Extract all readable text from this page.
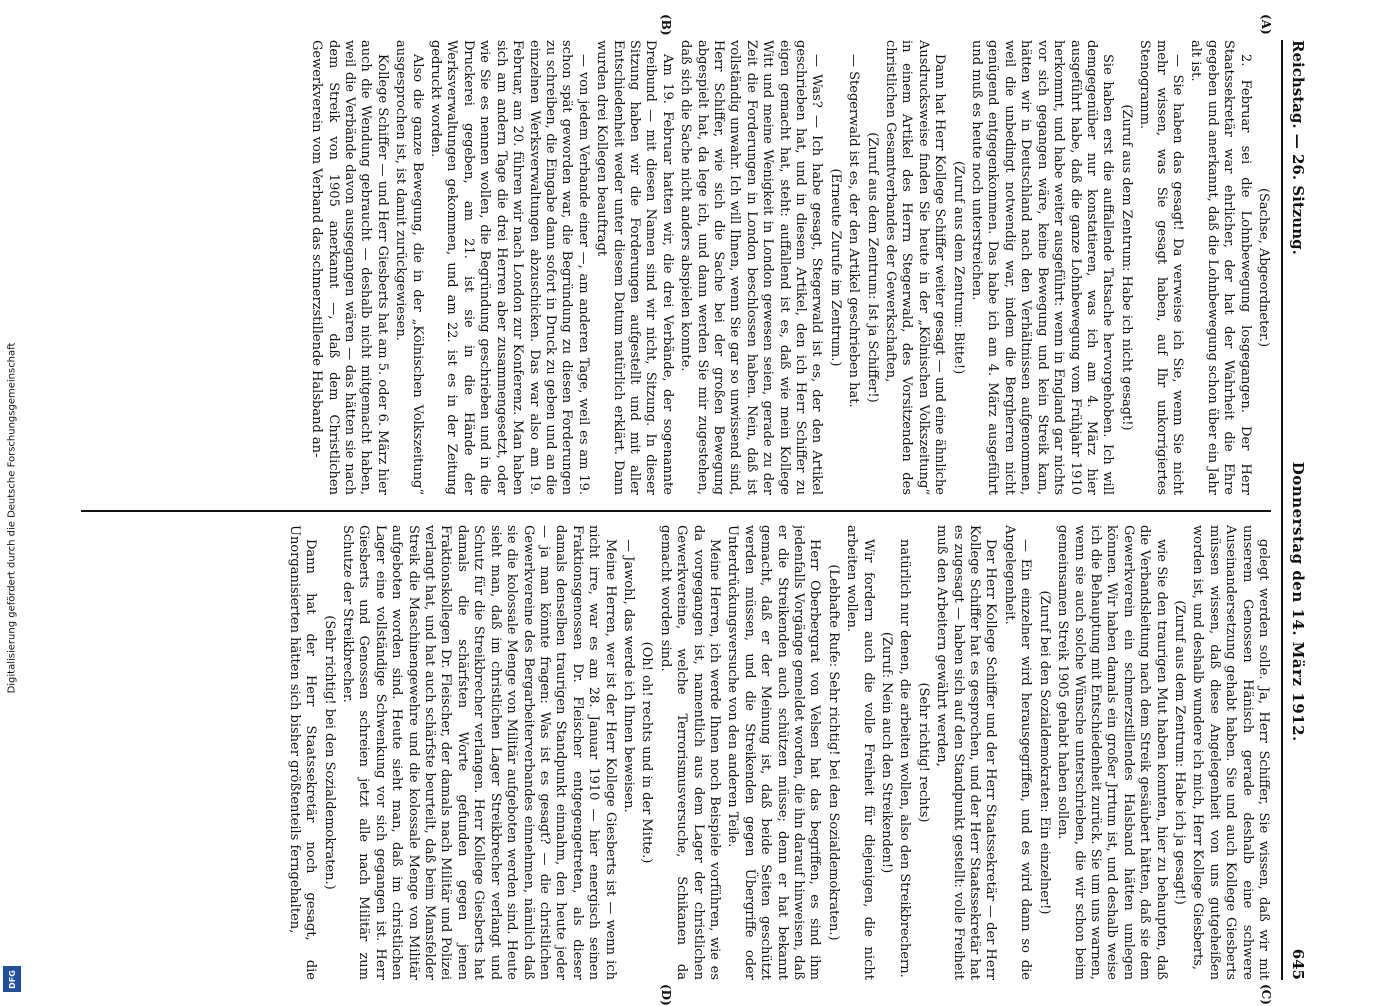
Digitalisierung gefördert durch die Deutsche Forschungsgemeinschaft
DFG
Reichstag. — 26. Sitzung.
Donnerstag den 14. März 1912.
645
(A)
(B)
(C)
(D)

(Sachse, Abgeordneter.)

2. Februar sei die Lohnbewegung losgegangen. Der Herr Staatssekretär war ehrlicher, der hat der Wahrheit die Ehre gegeben und anerkannt, daß die Lohnbewegung schon über ein Jahr alt ist.

— Sie haben das gesagt! Da verweise ich Sie, wenn Sie nicht mehr wissen, was Sie gesagt haben, auf Ihr unkorrigiertes Stenogramm.

(Zuruf aus dem Zentrum: Habe ich nicht gesagt!)

Sie haben erst die auffallende Tatsache hervorgehoben. Ich will demgegenüber nur konstatieren, was ich am 4. März hier ausgeführt habe, daß die ganze Lohnbewegung vom Frühjahr 1910 herkommt, und habe weiter ausgeführt: wenn in England gar nichts vor sich gegangen wäre, keine Bewegung und kein Streik kam, hätten wir in Deutschland nach den Verhältnissen aufgenommen, weil die unbedingt notwendig war, indem die Bergherren nicht genügend entgegenkommen. Das habe ich am 4. März ausgeführt und muß es heute noch unterstreichen.

(Zuruf aus dem Zentrum: Bitte!)

Dann hat Herr Kollege Schiffer weiter gesagt — und eine ähnliche Ausdrucksweise finden Sie heute in der „Kölnischen Volkszeitung“ in einem Artikel des Herrn Stegerwald, des Vorsitzenden des christlichen Gesamtverbandes der Gewerkschaften,

(Zuruf aus dem Zentrum: Ist ja Schiffer!)

— Stegerwald ist es, der den Artikel geschrieben hat.

(Erneute Zurufe im Zentrum.)

— Was? — Ich habe gesagt, Stegerwald ist es, der den Artikel geschrieben hat, und in diesem Artikel, den ich Herr Schiffer zu eigen gemacht hat, steht: auffallend ist es, daß wie mein Kollege Witt und meine Wenigkeit in London gewesen seien, gerade zu der Zeit die Forderungen in London beschlossen haben. Nein, daß ist vollständig unwahr. Ich will Ihnen, wenn Sie gar so unwissend sind, Herr Schiffer, wie sich die Sache bei der großen Bewegung abgespielt hat, da lege ich, und dann werden Sie mir zugestehen, daß sich die Sache nicht anders abspielen konnte.

Am 19. Februar hatten wir, die drei Verbände, der sogenannte Dreibund — mit diesen Namen sind wir nicht, Sitzung. In dieser Sitzung haben wir die Forderungen aufgestellt und mit aller Entschiedenheit weder unter diesem Datum natürlich erklärt. Dann wurden drei Kollegen beauftragt

— von jedem Verbande einer —, am anderen Tage, weil es am 19. schon spät geworden war, die Begründung zu diesen Forderungen zu schreiben, die Eingabe dann sofort in Druck zu geben und an die einzelnen Werksverwaltungen abzuschicken. Das war also am 19. Februar, am 20. führen wir nach London zur Konferenz. Man haben sich am andern Tage die drei Herren aber zusammengesetzt, oder wie Sie es nennen wollen, die Begründung geschrieben und in die Druckerei gegeben, am 21. ist sie in die Hände der Werksverwaltungen gekommen, und am 22. ist es in der Zeitung gedruckt worden.

Also die ganze Bewegung, die in der „Kölnischen Volkszeitung“ ausgesprochen ist, ist damit zurückgewiesen.

Kollege Schiffer — und Herr Giesberts hat am 5. oder 6. März hier auch die Wendung gebraucht — deshalb nicht mitgemacht haben, weil die Verbände davon ausgegangen wären — das hätten sie nach dem Streik von 1905 anerkannt —, daß dem Christlichen Gewerkverein vom Verband das schmerzstillende Halsband an-

gelegt werden solle. Ja, Herr Schiffer, Sie wissen, daß wir mit unserem Genossen Hänisch gerade deshalb eine schwere Auseinandersetzung gehabt haben. Sie und auch Kollege Giesberts müssen wissen, daß diese Angelegenheit von uns gutgeheißen worden ist, und deshalb wundere ich mich, Herr Kollege Giesberts,

(Zuruf aus dem Zentrum: Habe ich ja gesagt!)

wie Sie den traurigen Mut haben konnten, hier zu behaupten, daß die Verbandsleitung nach dem Streik gesäubert hätten, daß sie dem Gewerkverein ein schmerzstillendes Halsband hätten umlegen können. Wir haben damals ein großer Jrrtum ist, und deshalb weise ich die Behauptung mit Entschiedenheit zurück. Sie um uns warnen, wenn sie auch solche Wünsche unterschrieben, die wir schon beim gemeinsamen Streik 1905 gehabt haben sollen.

(Zuruf bei den Sozialdemokraten: Ein einzelner!)

— Ein einzelner wird herausgegriffen, und es wird dann so die Angelegenheit.

Der Herr Kollege Schiffer und der Herr Staatssekretär — der Herr Kollege Schiffer hat es gesprochen, und der Herr Staatssekretär hat es zugesagt — haben sich auf den Standpunkt gestellt: volle Freiheit muß den Arbeitern gewährt werden,

(Sehr richtig! rechts)

natürlich nur denen, die arbeiten wollen, also den Streikbrechern.

(Zuruf: Nein auch den Streikenden!)

Wir fordern auch die volle Freiheit für diejenigen, die nicht arbeiten wollen.

(Lebhafte Rufe: Sehr richtig! bei den Sozialdemokraten.)

Herr Oberbergrat von Velsen hat das begriffen, es sind ihm jedenfalls Vorgänge gemeldet worden, die ihn darauf hinweisen, daß er die Streikenden auch schützen müsse; denn er hat bekannt gemacht, daß er der Meinung ist, daß beide Seiten geschützt werden müssen, und die Streikenden gegen Übergriffe oder Unterdrückungsversuche von den anderen Teile.

Meine Herren, ich werde Ihnen noch Beispiele vorführen, wie es da vorgegangen ist, namentlich aus dem Lager der christlichen Gewerkvereine, welche Terrorismusversuche, Schikanen da gemacht worden sind.

(Oh! oh! rechts und in der Mitte.)

— Jawohl, das werde ich Ihnen beweisen.

Meine Herren, wer ist der Herr Kollege Giesberts ist — wenn ich nicht irre, war es am 28. Januar 1910 — hier energisch seinen Fraktionsgenossen Dr. Fleischer entgegengetreten, als dieser damals denselben traurigen Standpunkt einnahm, den heute jeder — ja man könnte fragen: Was ist es gesagt? — die christlichen Gewerkvereine des Bergarbeiterverbandes einnehmen, nämlich daß sie die kolossale Menge von Militär aufgeboten werden sind. Heute sieht man, daß im christlichen Lager Streikbrecher verlangt und Schutz für die Streikbrecher verlangen. Herr Kollege Giesberts hat damals die schärfsten Worte gefunden gegen jenen Fraktionskollegen Dr. Fleischer, der damals nach Militär und Polizei verlangt hat, und hat auch schärfste beurteilt, daß beim Mansfelder Streik die Maschinengewehre und die kolossale Menge von Militär aufgeboten worden sind. Heute sieht man, daß im christlichen Lager eine vollständige Schwenkung vor sich gegangen ist. Herr Giesberts und Genossen schreien jetzt alle nach Militär zum Schutze der Streikbrecher.

(Sehr richtig! bei den Sozialdemokraten.)

Dann hat der Herr Staatssekretär noch gesagt, die Unorganisierten hätten sich bisher größtenteils ferngehalten,
